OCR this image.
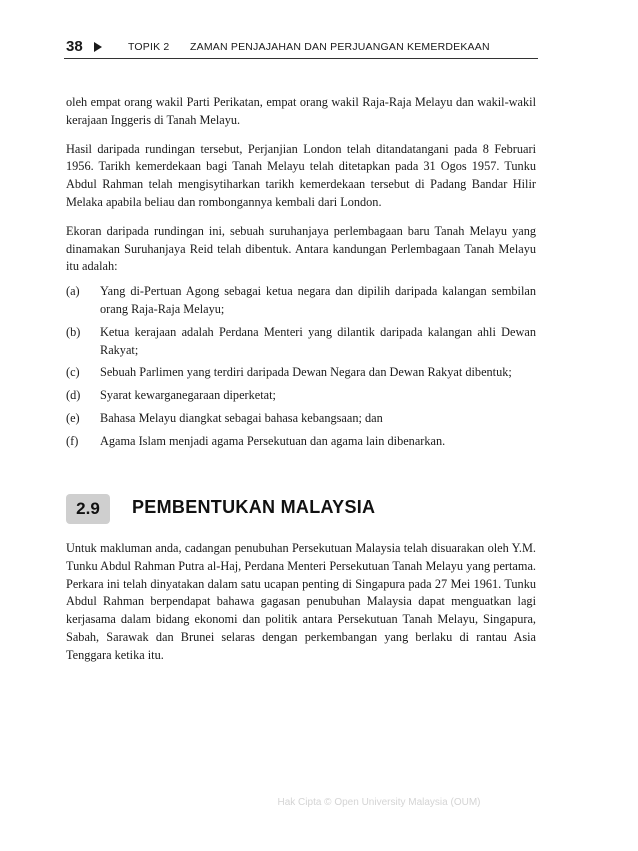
38	TOPIK 2 ZAMAN PENJAJAHAN DAN PERJUANGAN KEMERDEKAAN

oleh empat orang wakil Parti Perikatan, empat orang wakil Raja-Raja Melayu dan wakil-wakil kerajaan Inggeris di Tanah Melayu.

Hasil daripada rundingan tersebut, Perjanjian London telah ditandatangani pada 8 Februari 1956. Tarikh kemerdekaan bagi Tanah Melayu telah ditetapkan pada 31 Ogos 1957. Tunku Abdul Rahman telah mengisytiharkan tarikh kemerdekaan tersebut di Padang Bandar Hilir Melaka apabila beliau dan rombongannya kembali dari London.

Ekoran daripada rundingan ini, sebuah suruhanjaya perlembagaan baru Tanah Melayu yang dinamakan Suruhanjaya Reid telah dibentuk. Antara kandungan Perlembagaan Tanah Melayu itu adalah:

(a) Yang di-Pertuan Agong sebagai ketua negara dan dipilih daripada kalangan sembilan orang Raja-Raja Melayu;
(b) Ketua kerajaan adalah Perdana Menteri yang dilantik daripada kalangan ahli Dewan Rakyat;
(c) Sebuah Parlimen yang terdiri daripada Dewan Negara dan Dewan Rakyat dibentuk;
(d) Syarat kewarganegaraan diperketat;
(e) Bahasa Melayu diangkat sebagai bahasa kebangsaan; dan
(f) Agama Islam menjadi agama Persekutuan dan agama lain dibenarkan.
2.9	PEMBENTUKAN MALAYSIA

Untuk makluman anda, cadangan penubuhan Persekutuan Malaysia telah disuarakan oleh Y.M. Tunku Abdul Rahman Putra al-Haj, Perdana Menteri Persekutuan Tanah Melayu yang pertama. Perkara ini telah dinyatakan dalam satu ucapan penting di Singapura pada 27 Mei 1961. Tunku Abdul Rahman berpendapat bahawa gagasan penubuhan Malaysia dapat menguatkan lagi kerjasama dalam bidang ekonomi dan politik antara Persekutuan Tanah Melayu, Singapura, Sabah, Sarawak dan Brunei selaras dengan perkembangan yang berlaku di rantau Asia Tenggara ketika itu.

Hak Cipta © Open University Malaysia (OUM)
